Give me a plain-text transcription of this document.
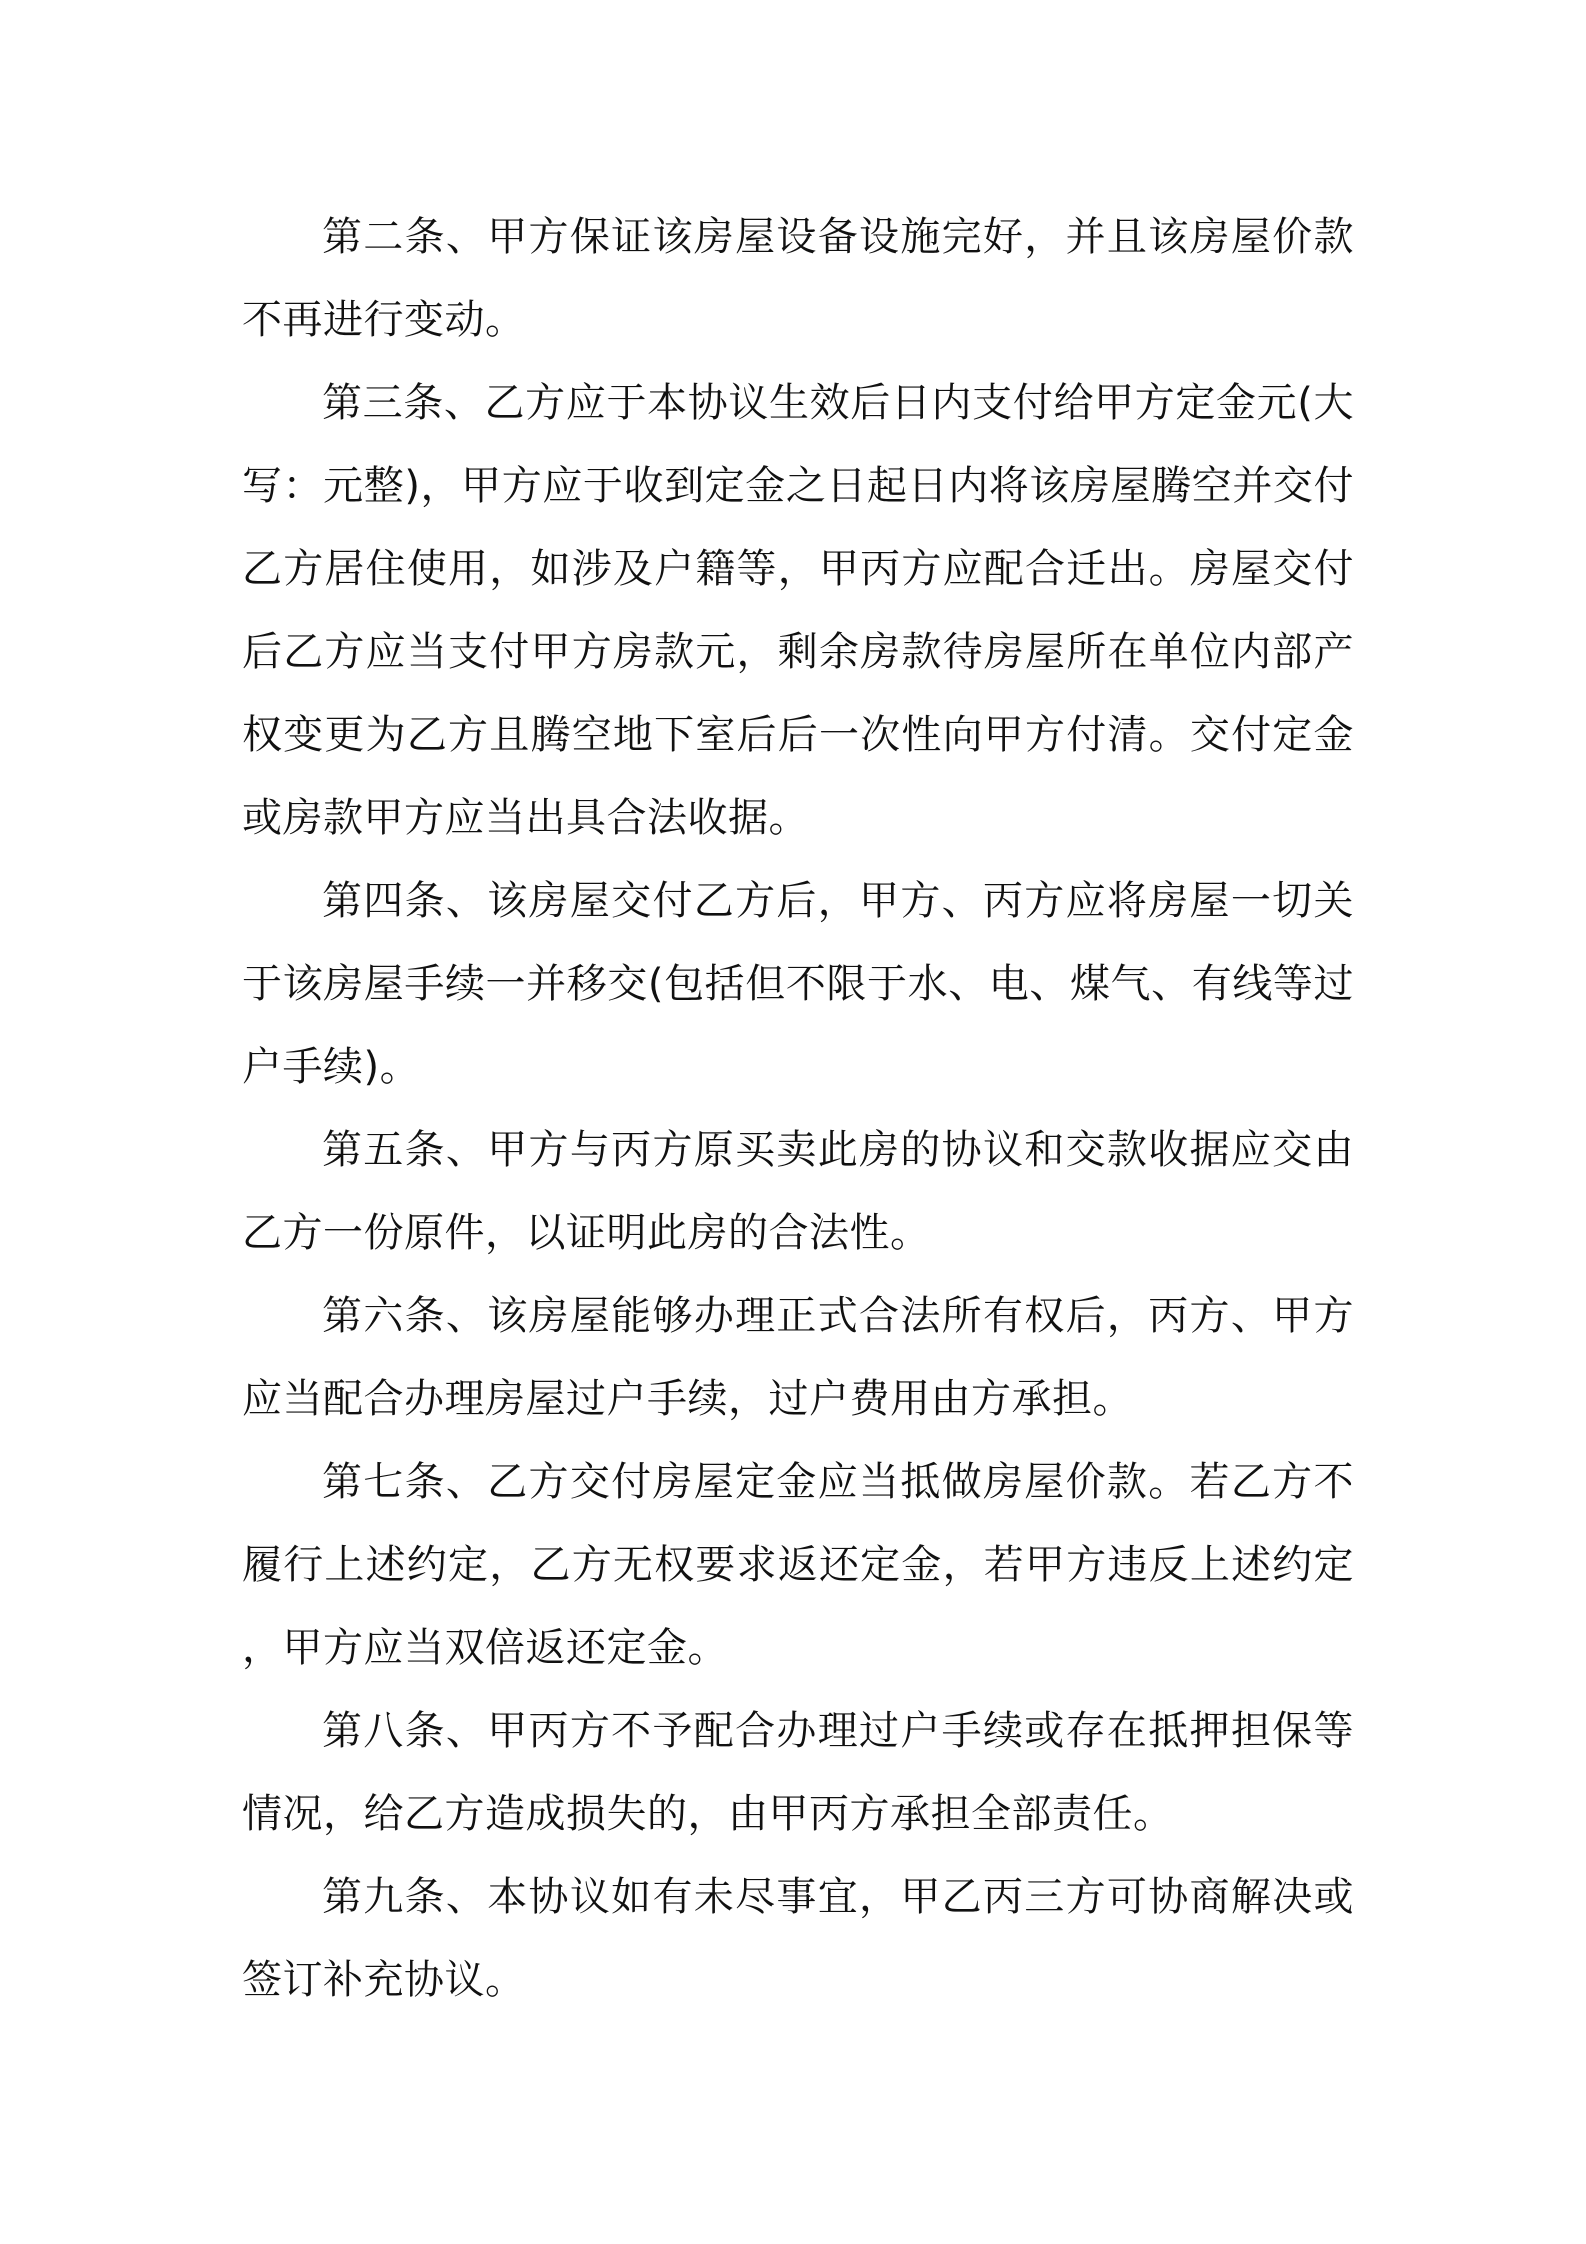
第二条、甲方保证该房屋设备设施完好，并且该房屋价款不再进行变动。

第三条、乙方应于本协议生效后日内支付给甲方定金元(大写：元整)，甲方应于收到定金之日起日内将该房屋腾空并交付乙方居住使用，如涉及户籍等，甲丙方应配合迁出。房屋交付后乙方应当支付甲方房款元，剩余房款待房屋所在单位内部产权变更为乙方且腾空地下室后后一次性向甲方付清。交付定金或房款甲方应当出具合法收据。

第四条、该房屋交付乙方后，甲方、丙方应将房屋一切关于该房屋手续一并移交(包括但不限于水、电、煤气、有线等过户手续)。

第五条、甲方与丙方原买卖此房的协议和交款收据应交由乙方一份原件，以证明此房的合法性。

第六条、该房屋能够办理正式合法所有权后，丙方、甲方应当配合办理房屋过户手续，过户费用由方承担。

第七条、乙方交付房屋定金应当抵做房屋价款。若乙方不履行上述约定，乙方无权要求返还定金，若甲方违反上述约定，甲方应当双倍返还定金。

第八条、甲丙方不予配合办理过户手续或存在抵押担保等情况，给乙方造成损失的，由甲丙方承担全部责任。

第九条、本协议如有未尽事宜，甲乙丙三方可协商解决或签订补充协议。
